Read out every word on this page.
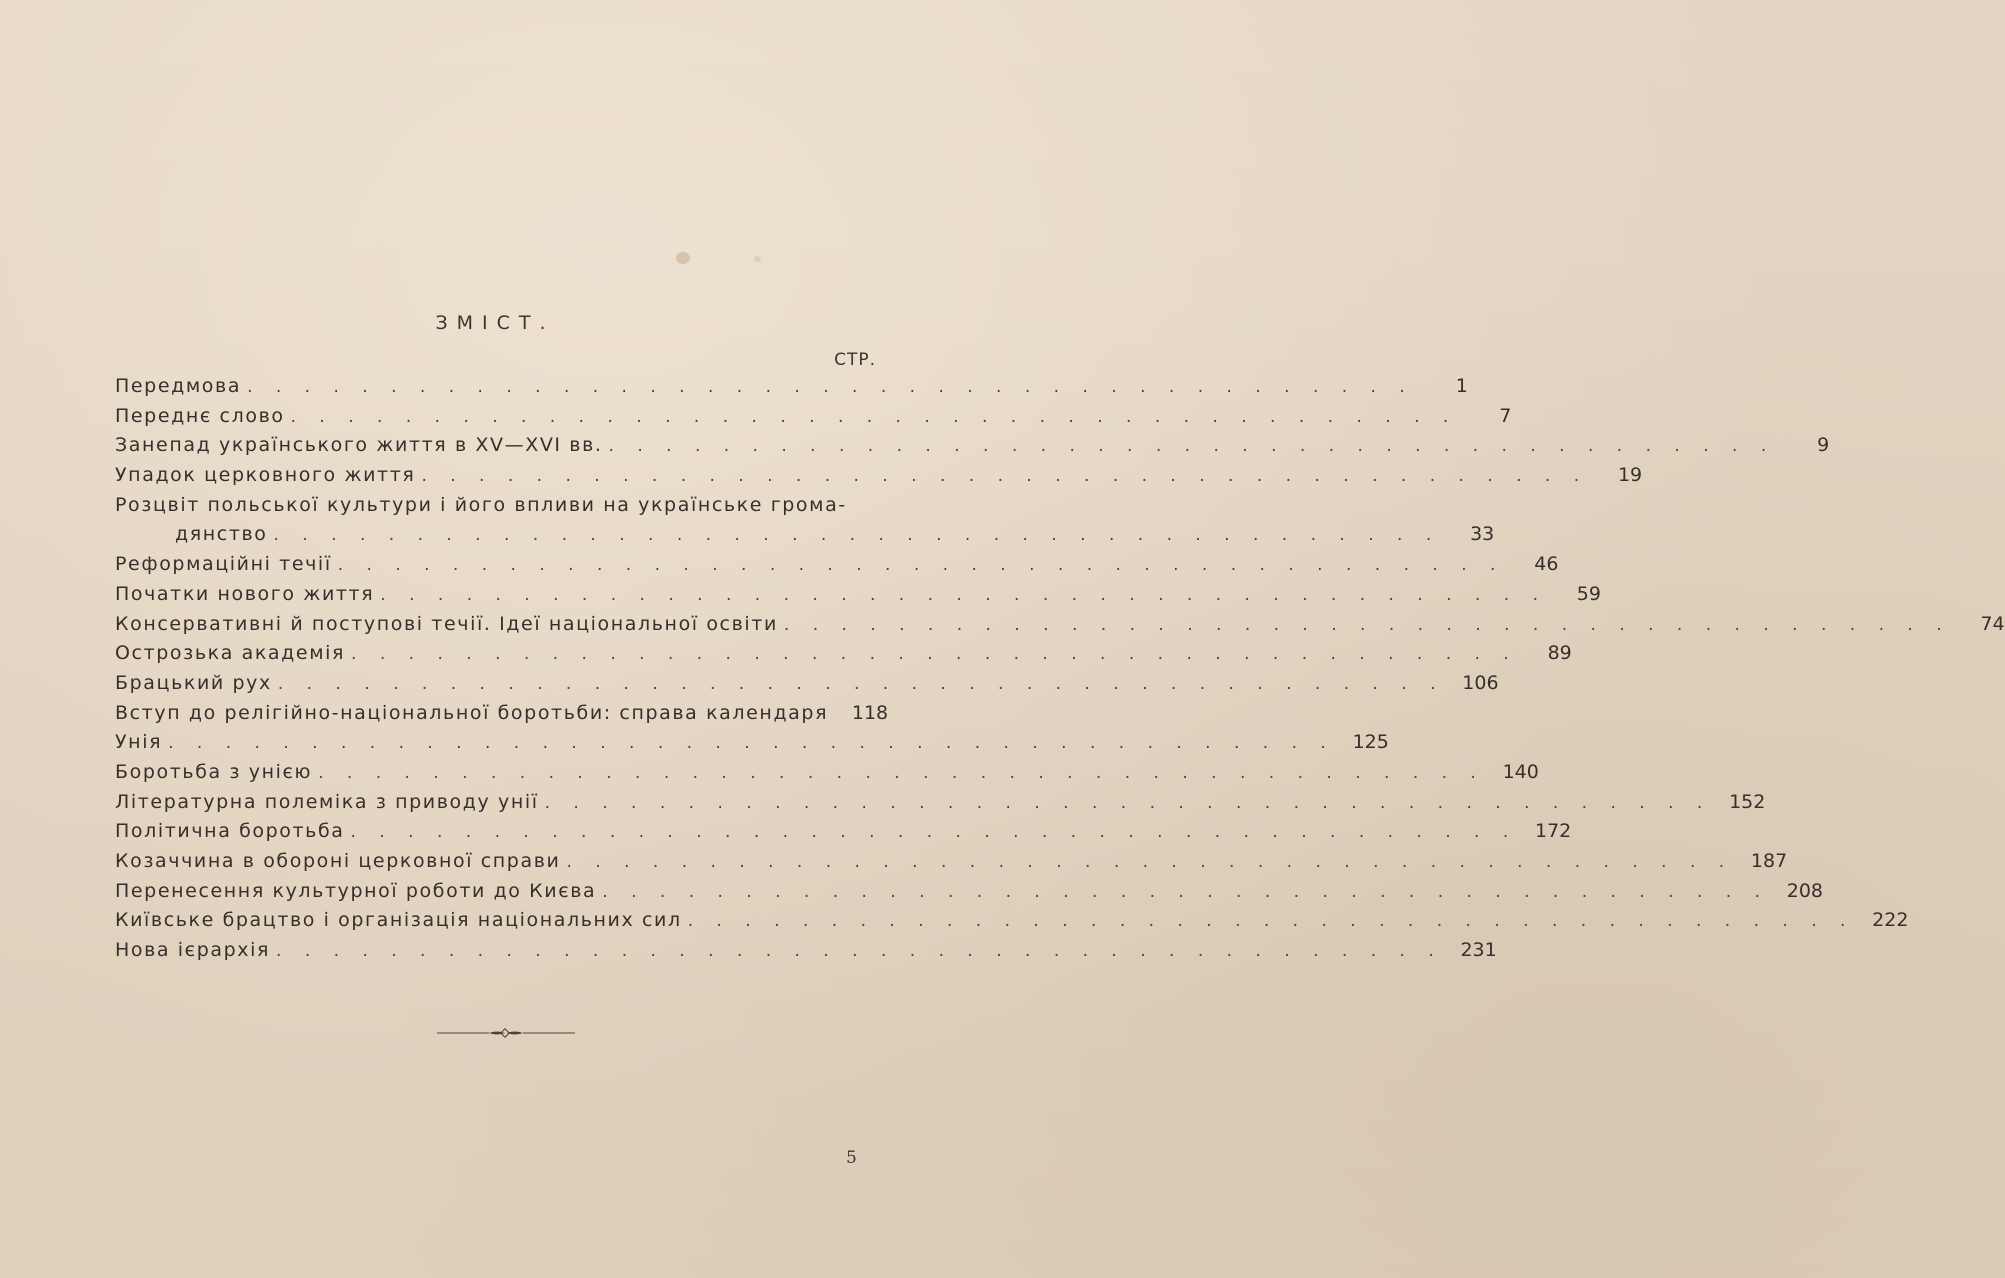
ЗМІСТ.
СТР.
Передмова . . . . . . . . . . . . . . . . . . . . . . . . . . . . . . . . . . . . . . . . .	1
Переднє слово . . . . . . . . . . . . . . . . . . . . . . . . . . . . . . . . . . . . . . . . .	7
Занепад українського життя в XV—XVI вв. . . . . . . . . . . . . . . . . . . . . . . . . . . . . . . . . . . . . . . . . .	9
Упадок церковного життя . . . . . . . . . . . . . . . . . . . . . . . . . . . . . . . . . . . . . . . . .	19
Розцвіт польської культури і його впливи на українське грома-
дянство . . . . . . . . . . . . . . . . . . . . . . . . . . . . . . . . . . . . . . . . .	33
Реформаційні течії . . . . . . . . . . . . . . . . . . . . . . . . . . . . . . . . . . . . . . . . .	46
Початки нового життя . . . . . . . . . . . . . . . . . . . . . . . . . . . . . . . . . . . . . . . . .	59
Консервативні й поступові течії. Ідеї національної освіти . . . . . . . . . . . . . . . . . . . . . . . . . . . . . . . . . . . . . . . . .	74
Острозька академія . . . . . . . . . . . . . . . . . . . . . . . . . . . . . . . . . . . . . . . . .	89
Брацький рух . . . . . . . . . . . . . . . . . . . . . . . . . . . . . . . . . . . . . . . . . 106
Вступ до релігійно-національної боротьби: справа календаря	118
Унія . . . . . . . . . . . . . . . . . . . . . . . . . . . . . . . . . . . . . . . . . 125
Боротьба з унією . . . . . . . . . . . . . . . . . . . . . . . . . . . . . . . . . . . . . . . . . 140
Літературна полеміка з приводу унії . . . . . . . . . . . . . . . . . . . . . . . . . . . . . . . . . . . . . . . . . 152
Політична боротьба . . . . . . . . . . . . . . . . . . . . . . . . . . . . . . . . . . . . . . . . . 172
Козаччина в обороні церковної справи . . . . . . . . . . . . . . . . . . . . . . . . . . . . . . . . . . . . . . . . . 187
Перенесення культурної роботи до Києва . . . . . . . . . . . . . . . . . . . . . . . . . . . . . . . . . . . . . . . . . 208
Київське брацтво і організація національних сил . . . . . . . . . . . . . . . . . . . . . . . . . . . . . . . . . . . . . . . . . 222
Нова ієрархія . . . . . . . . . . . . . . . . . . . . . . . . . . . . . . . . . . . . . . . . . 231
5
